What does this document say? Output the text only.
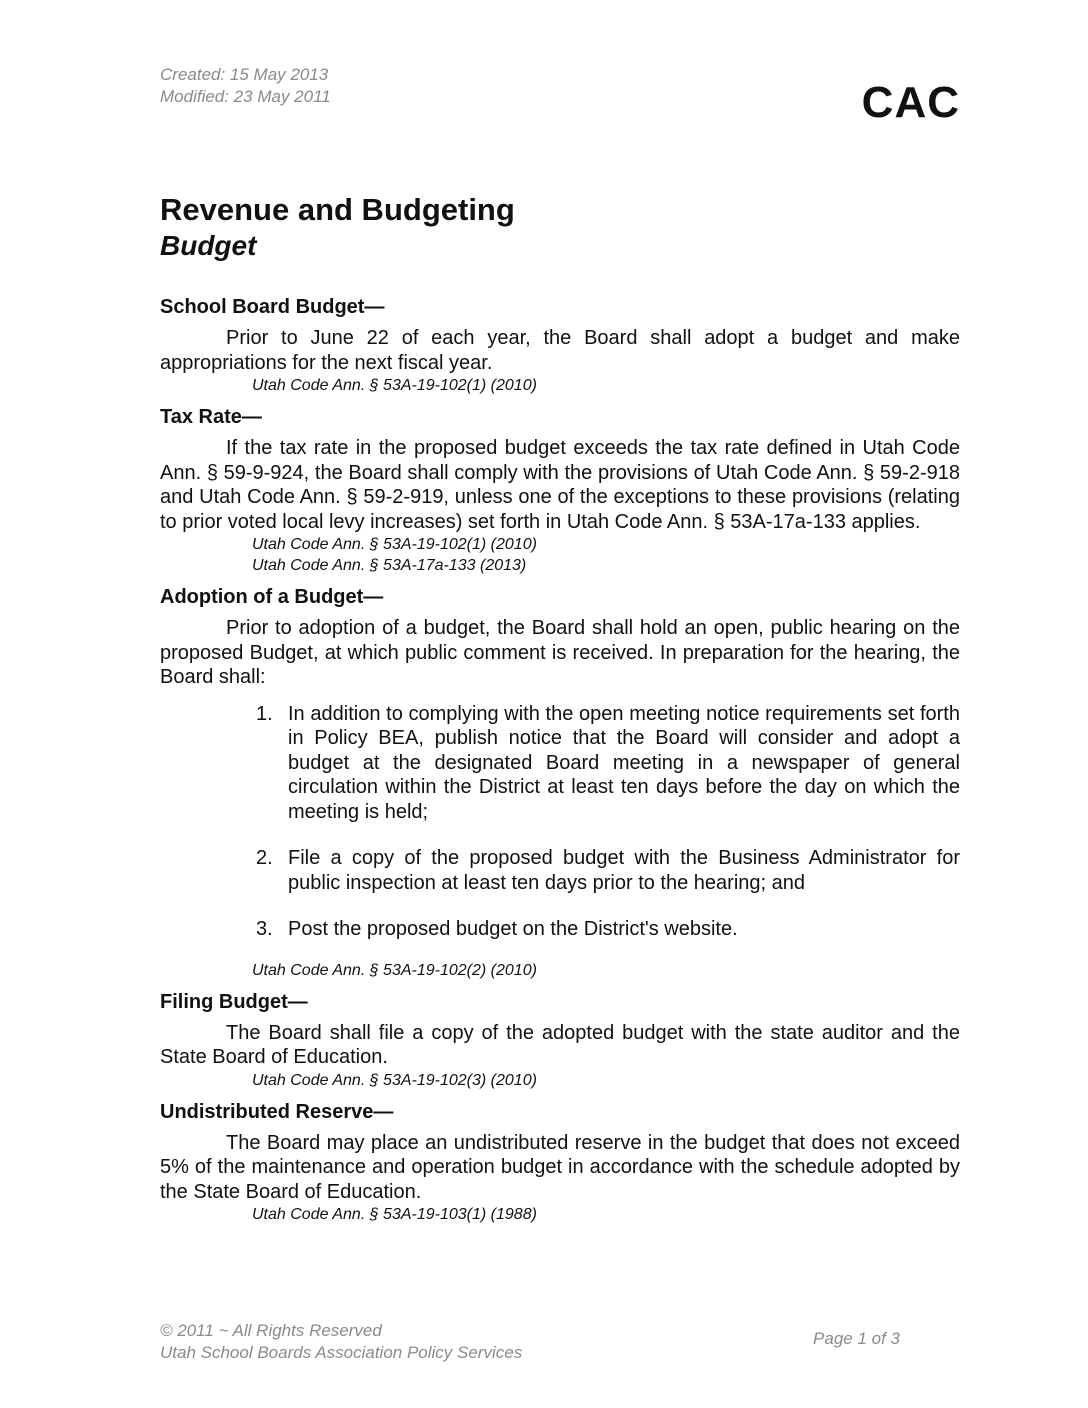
Created: 15 May 2013
Modified: 23 May 2011	CAC
Revenue and Budgeting
Budget

School Board Budget—

Prior to June 22 of each year, the Board shall adopt a budget and make appropriations for the next fiscal year.

Utah Code Ann. § 53A-19-102(1) (2010)

Tax Rate—

If the tax rate in the proposed budget exceeds the tax rate defined in Utah Code Ann. § 59-9-924, the Board shall comply with the provisions of Utah Code Ann. § 59-2-918 and Utah Code Ann. § 59-2-919, unless one of the exceptions to these provisions (relating to prior voted local levy increases) set forth in Utah Code Ann. § 53A-17a-133 applies.

Utah Code Ann. § 53A-19-102(1) (2010)

Utah Code Ann. § 53A-17a-133 (2013)

Adoption of a Budget—

Prior to adoption of a budget, the Board shall hold an open, public hearing on the proposed Budget, at which public comment is received. In preparation for the hearing, the Board shall:

1. In addition to complying with the open meeting notice requirements set forth in Policy BEA, publish notice that the Board will consider and adopt a budget at the designated Board meeting in a newspaper of general circulation within the District at least ten days before the day on which the meeting is held;
2. File a copy of the proposed budget with the Business Administrator for public inspection at least ten days prior to the hearing; and
3. Post the proposed budget on the District's website.

Utah Code Ann. § 53A-19-102(2) (2010)

Filing Budget—

The Board shall file a copy of the adopted budget with the state auditor and the State Board of Education.

Utah Code Ann. § 53A-19-102(3) (2010)

Undistributed Reserve—

The Board may place an undistributed reserve in the budget that does not exceed 5% of the maintenance and operation budget in accordance with the schedule adopted by the State Board of Education.

Utah Code Ann. § 53A-19-103(1) (1988)

© 2011 ~ All Rights Reserved
Utah School Boards Association Policy Services
Page 1 of 3
